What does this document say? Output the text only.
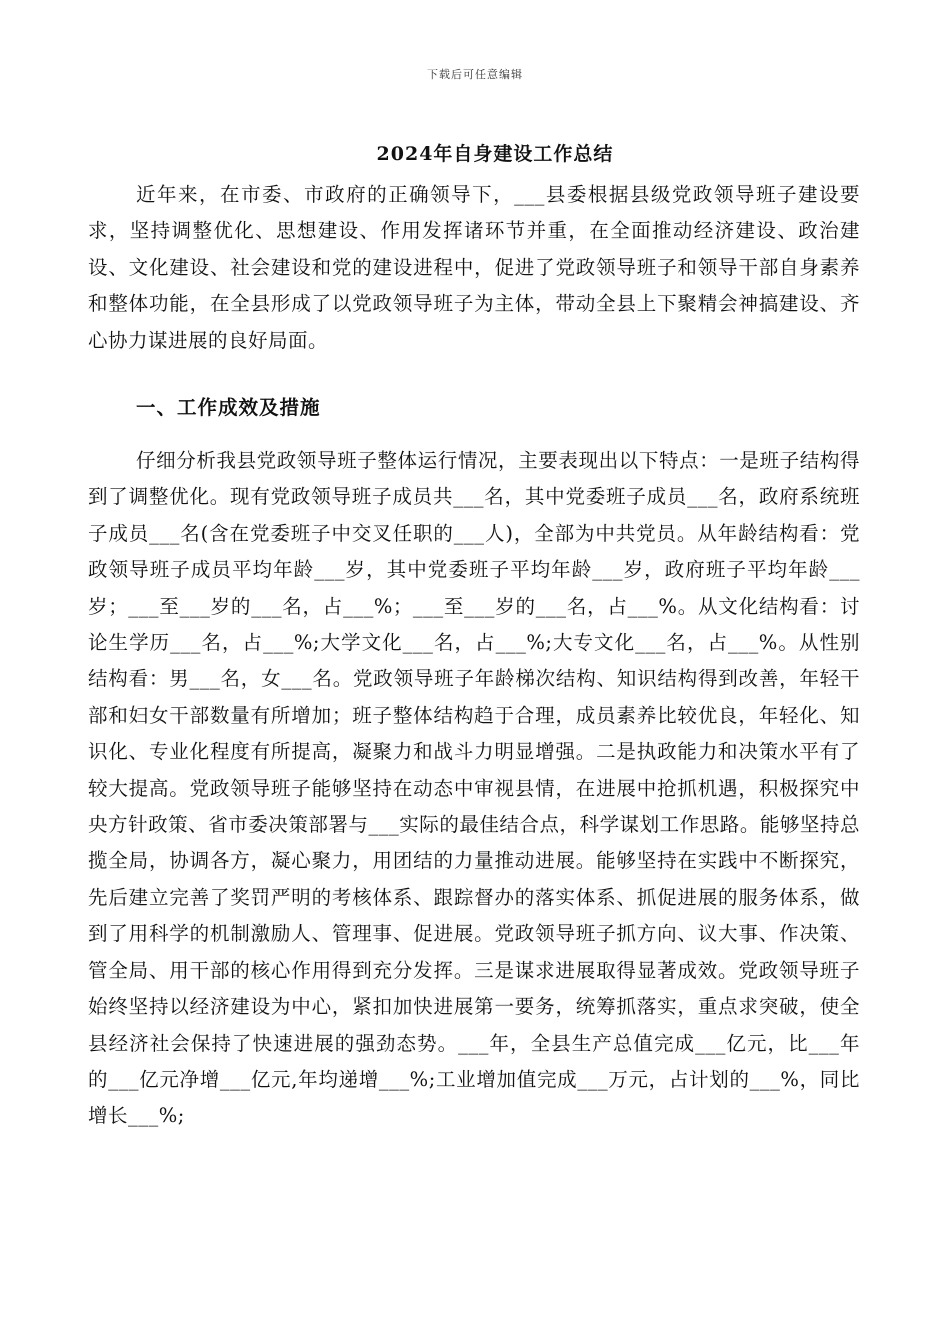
下载后可任意编辑
2024年自身建设工作总结

近年来，在市委、市政府的正确领导下，___县委根据县级党政领导班子建设要求，坚持调整优化、思想建设、作用发挥诸环节并重，在全面推动经济建设、政治建设、文化建设、社会建设和党的建设进程中，促进了党政领导班子和领导干部自身素养和整体功能，在全县形成了以党政领导班子为主体，带动全县上下聚精会神搞建设、齐心协力谋进展的良好局面。

一、工作成效及措施

仔细分析我县党政领导班子整体运行情况，主要表现出以下特点：一是班子结构得到了调整优化。现有党政领导班子成员共___名，其中党委班子成员___名，政府系统班子成员___名(含在党委班子中交叉任职的___人)，全部为中共党员。从年龄结构看：党政领导班子成员平均年龄___岁，其中党委班子平均年龄___岁，政府班子平均年龄___岁；___至___岁的___名，占___%；___至___岁的___名，占___%。从文化结构看：讨论生学历___名，占___%;大学文化___名，占___%;大专文化___名，占___%。从性别结构看：男___名，女___名。党政领导班子年龄梯次结构、知识结构得到改善，年轻干部和妇女干部数量有所增加；班子整体结构趋于合理，成员素养比较优良，年轻化、知识化、专业化程度有所提高，凝聚力和战斗力明显增强。二是执政能力和决策水平有了较大提高。党政领导班子能够坚持在动态中审视县情，在进展中抢抓机遇，积极探究中央方针政策、省市委决策部署与___实际的最佳结合点，科学谋划工作思路。能够坚持总揽全局，协调各方，凝心聚力，用团结的力量推动进展。能够坚持在实践中不断探究，先后建立完善了奖罚严明的考核体系、跟踪督办的落实体系、抓促进展的服务体系，做到了用科学的机制激励人、管理事、促进展。党政领导班子抓方向、议大事、作决策、管全局、用干部的核心作用得到充分发挥。三是谋求进展取得显著成效。党政领导班子始终坚持以经济建设为中心，紧扣加快进展第一要务，统筹抓落实，重点求突破，使全县经济社会保持了快速进展的强劲态势。___年，全县生产总值完成___亿元，比___年的___亿元净增___亿元,年均递增___%;工业增加值完成___万元，占计划的___%，同比增长___%;
